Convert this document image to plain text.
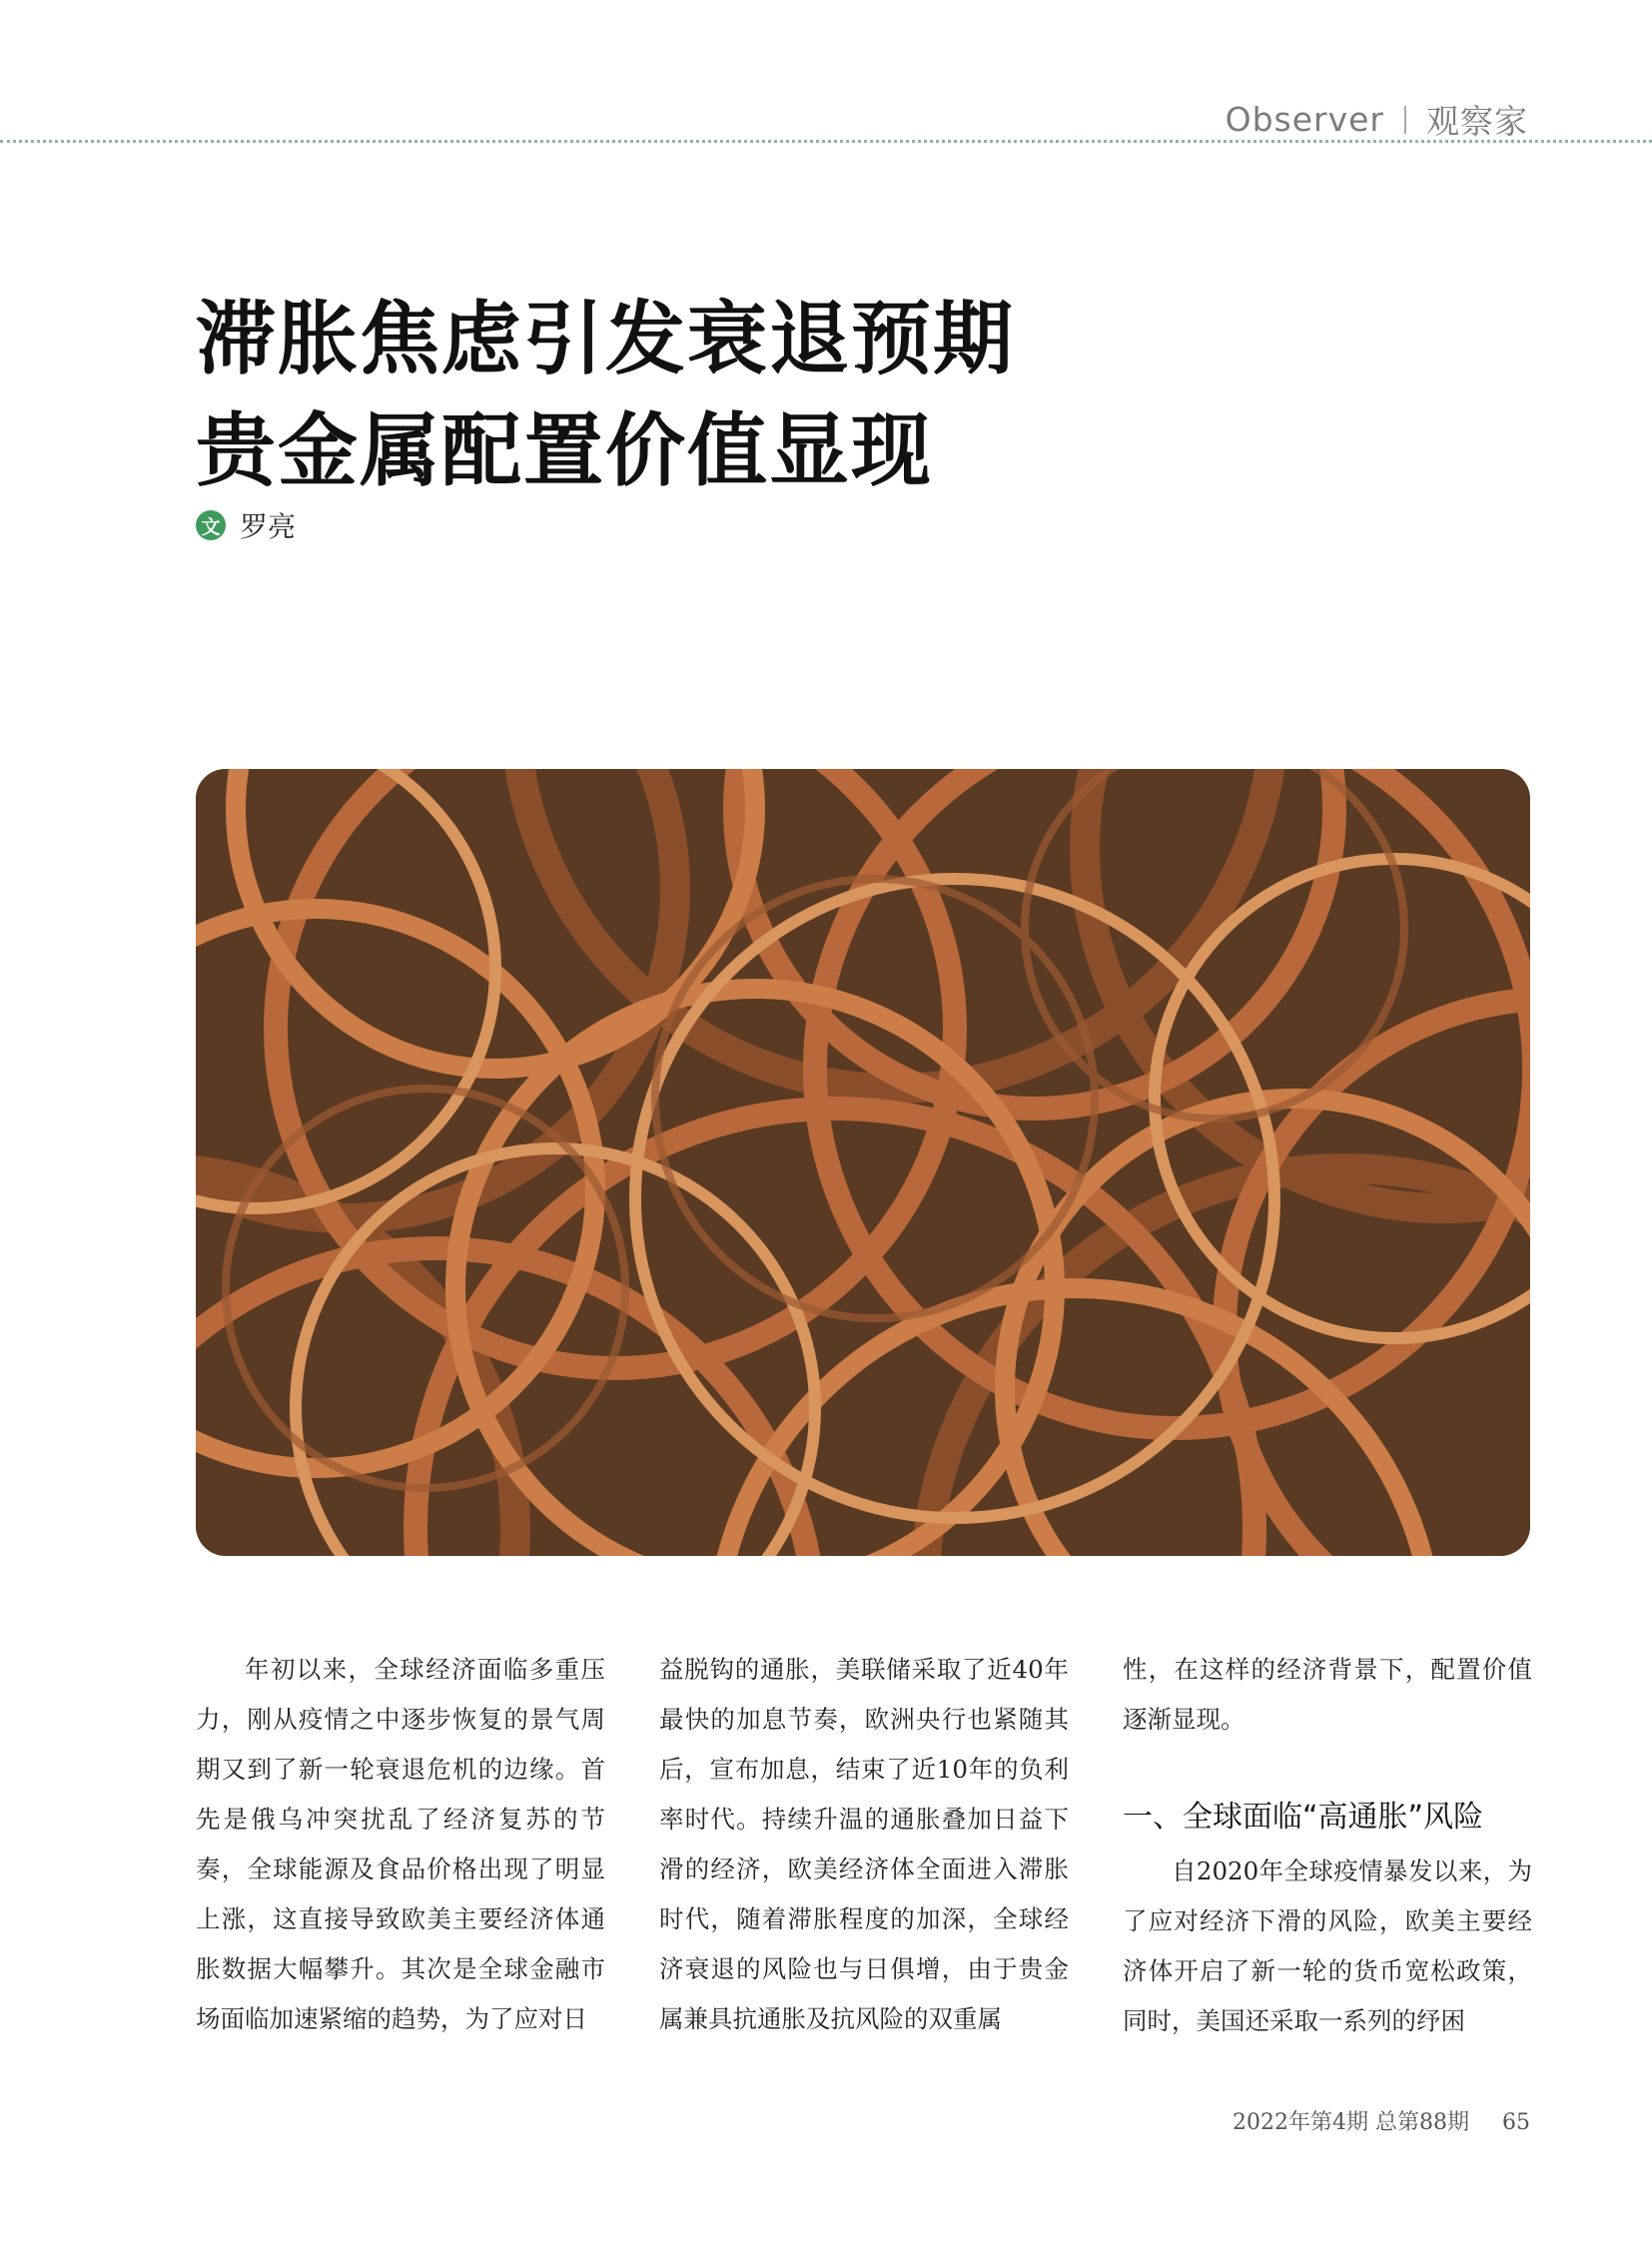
Observer 观察家
滞胀焦虑引发衰退预期
贵金属配置价值显现
文 罗亮

年初以来，全球经济面临多重压力，刚从疫情之中逐步恢复的景气周期又到了新一轮衰退危机的边缘。首先是俄乌冲突扰乱了经济复苏的节奏，全球能源及食品价格出现了明显上涨，这直接导致欧美主要经济体通胀数据大幅攀升。其次是全球金融市场面临加速紧缩的趋势，为了应对日

益脱钩的通胀，美联储采取了近40年最快的加息节奏，欧洲央行也紧随其后，宣布加息，结束了近10年的负利率时代。持续升温的通胀叠加日益下滑的经济，欧美经济体全面进入滞胀时代，随着滞胀程度的加深，全球经济衰退的风险也与日俱增，由于贵金属兼具抗通胀及抗风险的双重属

性，在这样的经济背景下，配置价值逐渐显现。

一、全球面临“高通胀”风险

自2020年全球疫情暴发以来，为了应对经济下滑的风险，欧美主要经济体开启了新一轮的货币宽松政策，同时，美国还采取一系列的纾困

2022年第4期 总第88期 65
